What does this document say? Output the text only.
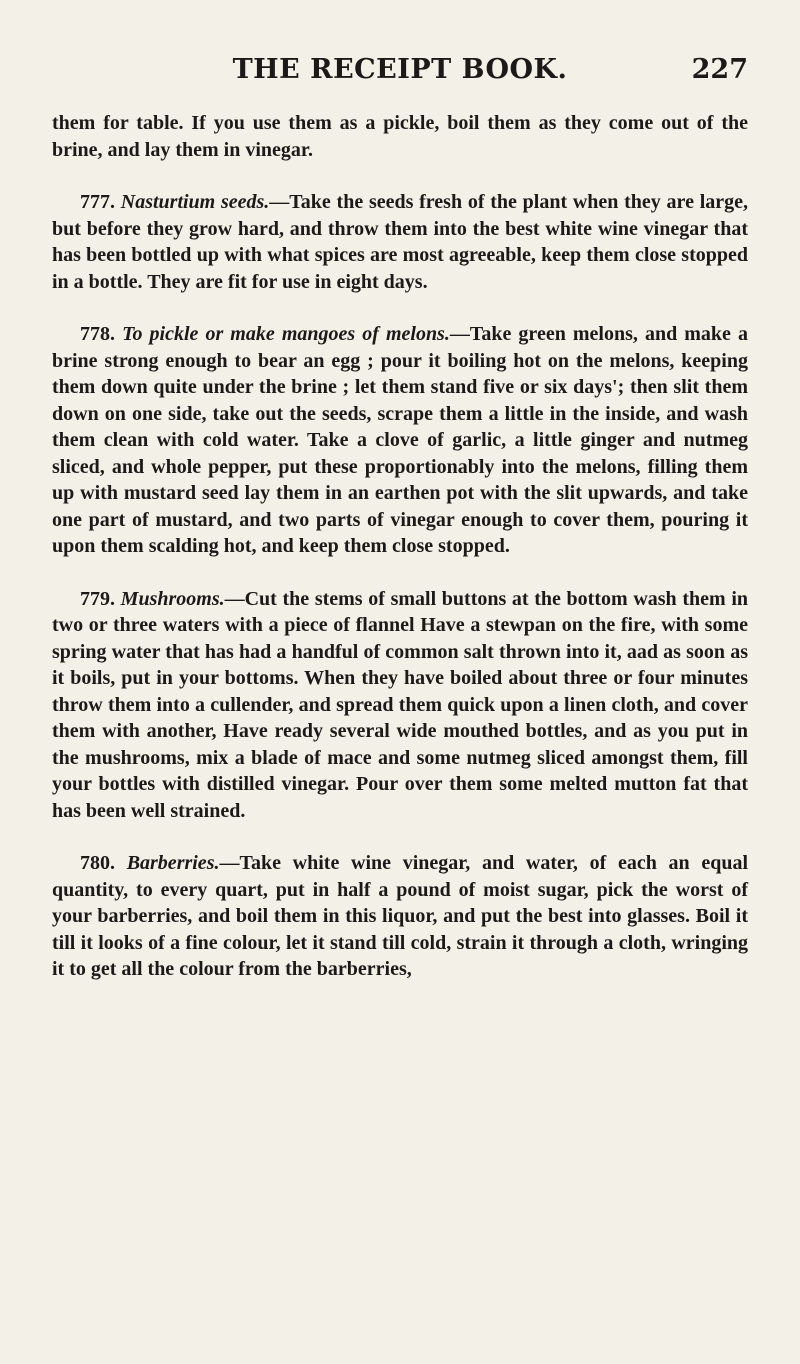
THE RECEIPT BOOK.	227

them for table. If you use them as a pickle, boil them as they come out of the brine, and lay them in vinegar.

777. Nasturtium seeds.—Take the seeds fresh of the plant when they are large, but before they grow hard, and throw them into the best white wine vinegar that has been bottled up with what spices are most agreeable, keep them close stopped in a bottle. They are fit for use in eight days.

778. To pickle or make mangoes of melons.—Take green melons, and make a brine strong enough to bear an egg ; pour it boiling hot on the melons, keeping them down quite under the brine ; let them stand five or six days'; then slit them down on one side, take out the seeds, scrape them a little in the inside, and wash them clean with cold water. Take a clove of garlic, a little ginger and nutmeg sliced, and whole pepper, put these proportionably into the melons, filling them up with mustard seed lay them in an earthen pot with the slit upwards, and take one part of mustard, and two parts of vinegar enough to cover them, pouring it upon them scalding hot, and keep them close stopped.

779. Mushrooms.—Cut the stems of small buttons at the bottom wash them in two or three waters with a piece of flannel Have a stewpan on the fire, with some spring water that has had a handful of common salt thrown into it, aad as soon as it boils, put in your bottoms. When they have boiled about three or four minutes throw them into a cullender, and spread them quick upon a linen cloth, and cover them with another, Have ready several wide mouthed bottles, and as you put in the mushrooms, mix a blade of mace and some nutmeg sliced amongst them, fill your bottles with distilled vinegar. Pour over them some melted mutton fat that has been well strained.

780. Barberries.—Take white wine vinegar, and water, of each an equal quantity, to every quart, put in half a pound of moist sugar, pick the worst of your barberries, and boil them in this liquor, and put the best into glasses. Boil it till it looks of a fine colour, let it stand till cold, strain it through a cloth, wringing it to get all the colour from the barberries,
